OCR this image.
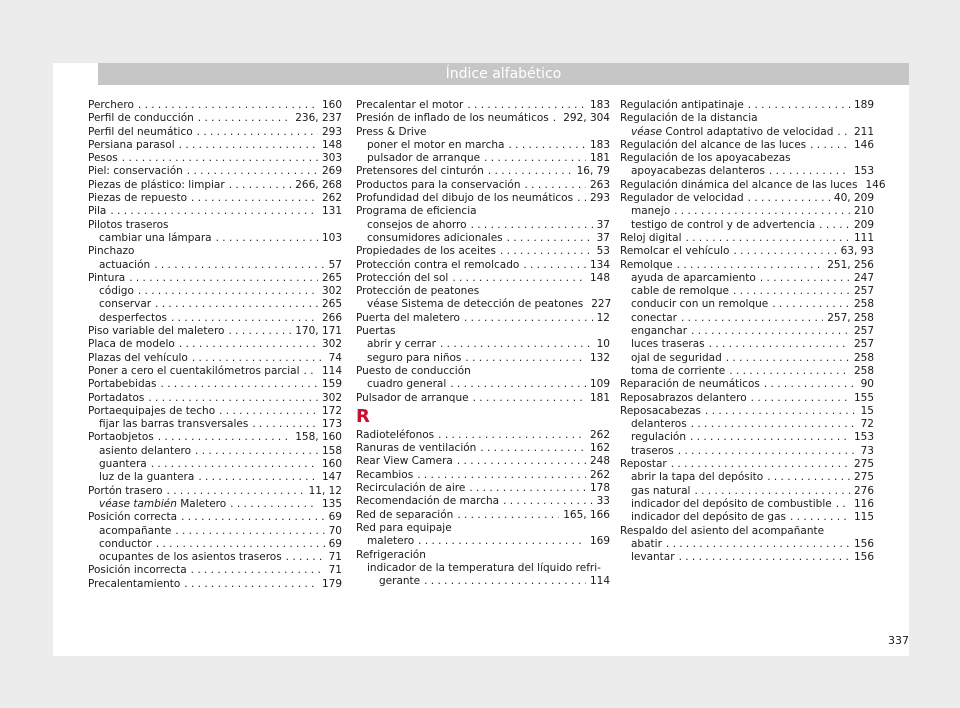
Índice alfabético
Perchero . . .	160
Perfil de conducción . . .	236, 237
Perfil del neumático . . .	293
Persiana parasol . . .	148
Pesos . . .	303
Piel: conservación . . .	269
Piezas de plástico: limpiar . . .	266, 268
Piezas de repuesto . . .	262
Pila . . .	131
Pilotos traseros
cambiar una lámpara . . .	103
Pinchazo
actuación . . .	57
Pintura . . .	265
código . . .	302
conservar . . .	265
desperfectos . . .	266
Piso variable del maletero . . .	170, 171
Placa de modelo . . .	302
Plazas del vehículo . . .	74
Poner a cero el cuentakilómetros parcial . . . 114
Portabebidas . . .	159
Portadatos . . .	302
Portaequipajes de techo . . .	172
fijar las barras transversales . . .	173
Portaobjetos . . .	158, 160
asiento delantero . . .	158
guantera . . .	160
luz de la guantera . . .	147
Portón trasero . . .	11, 12
véase también Maletero . . .	135
Posición correcta . . .	69
acompañante . . .	70
conductor . . .	69
ocupantes de los asientos traseros . . .	71
Posición incorrecta . . .	71
Precalentamiento . . .	179
Precalentar el motor . . .	183
Presión de inflado de los neumáticos . . . 292, 304
Press & Drive
poner el motor en marcha . . .	183
pulsador de arranque . . .	181
Pretensores del cinturón . . .	16, 79
Productos para la conservación . . .	263
Profundidad del dibujo de los neumáticos . . . 293
Programa de eficiencia
consejos de ahorro . . .	37
consumidores adicionales . . .	37
Propiedades de los aceites . . .	53
Protección contra el remolcado . . .	134
Protección del sol . . .	148
Protección de peatones
véase Sistema de detección de peatones 227
Puerta del maletero . . .	12
Puertas
abrir y cerrar . . .	10
seguro para niños . . .	132
Puesto de conducción
cuadro general . . .	109
Pulsador de arranque . . .	181
R
Radioteléfonos . . .	262
Ranuras de ventilación . . .	162
Rear View Camera . . .	248
Recambios . . .	262
Recirculación de aire . . .	178
Recomendación de marcha . . .	33
Red de separación . . .	165, 166
Red para equipaje
maletero . . .	169
Refrigeración
indicador de la temperatura del líquido refri-
gerante . . .	114
Regulación antipatinaje . . .	189
Regulación de la distancia
véase Control adaptativo de velocidad . . . 211
Regulación del alcance de las luces . . .	146
Regulación de los apoyacabezas
apoyacabezas delanteros . . .	153
Regulación dinámica del alcance de las luces 146
Regulador de velocidad . . .	40, 209
manejo . . .	210
testigo de control y de advertencia . . .	209
Reloj digital . . .	111
Remolcar el vehículo . . .	63, 93
Remolque . . .	251, 256
ayuda de aparcamiento . . .	247
cable de remolque . . .	257
conducir con un remolque . . .	258
conectar . . .	257, 258
enganchar . . .	257
luces traseras . . .	257
ojal de seguridad . . .	258
toma de corriente . . .	258
Reparación de neumáticos . . .	90
Reposabrazos delantero . . .	155
Reposacabezas . . .	15
delanteros . . .	72
regulación . . .	153
traseros . . .	73
Repostar . . .	275
abrir la tapa del depósito . . .	275
gas natural . . .	276
indicador del depósito de combustible . . . 116
indicador del depósito de gas . . .	115
Respaldo del asiento del acompañante
abatir . . .	156
levantar . . .	156
337
